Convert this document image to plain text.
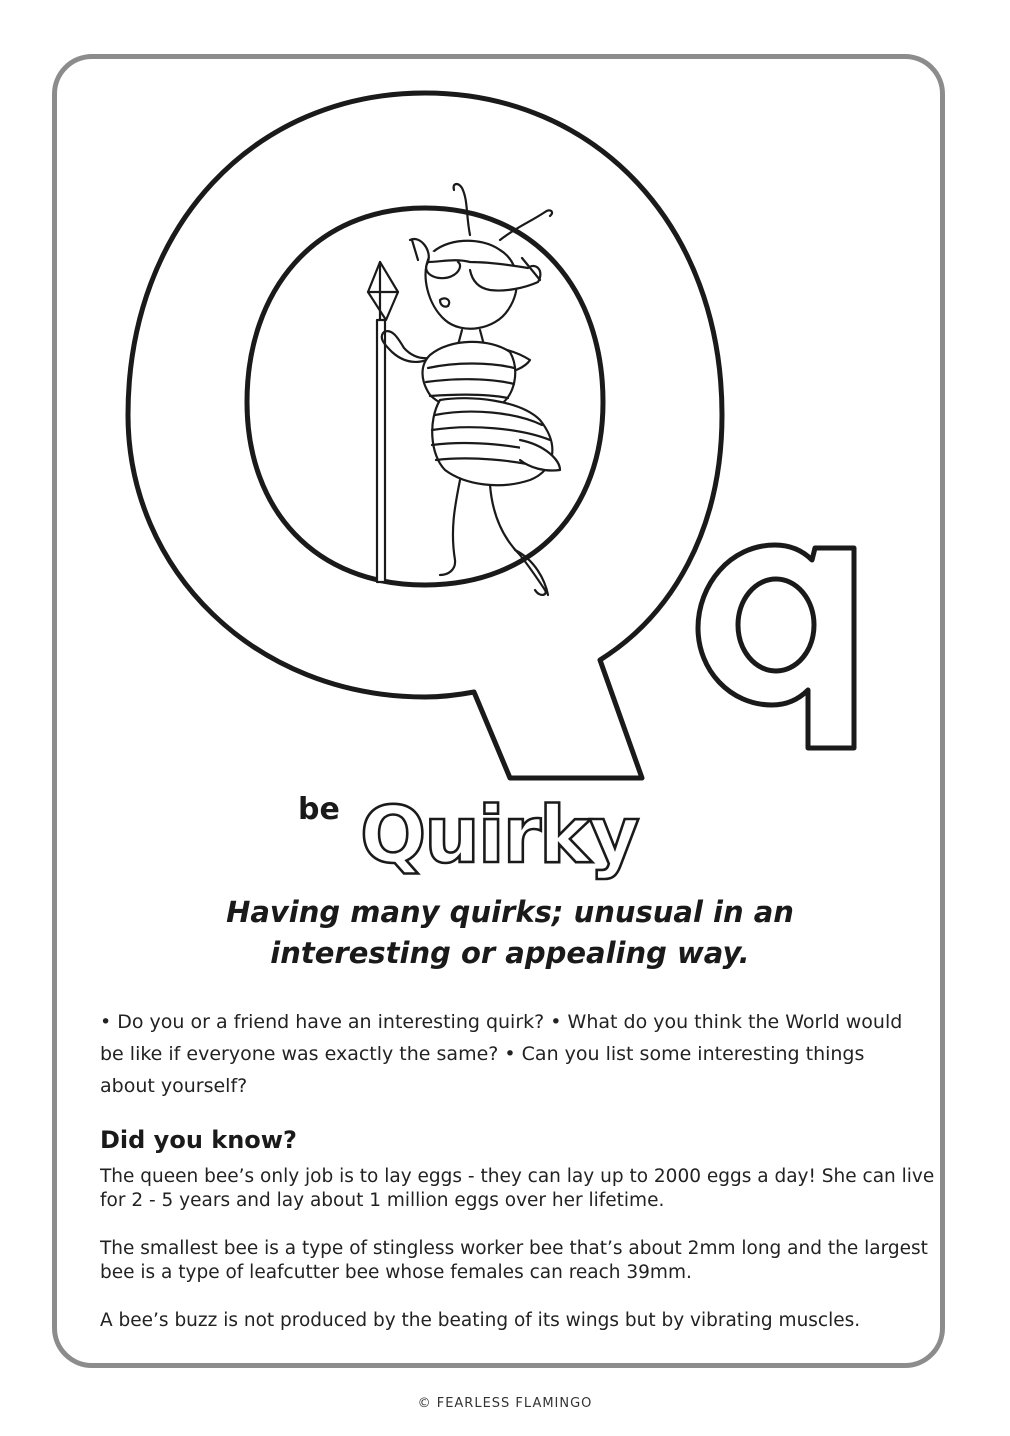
Quirky
be
Having many quirks; unusual in an
interesting or appealing way.
• Do you or a friend have an interesting quirk? • What do you think the World would be like if everyone was exactly the same? • Can you list some interesting things about yourself?
Did you know?

The queen bee’s only job is to lay eggs - they can lay up to 2000 eggs a day! She can live for 2 - 5 years and lay about 1 million eggs over her lifetime.

The smallest bee is a type of stingless worker bee that’s about 2mm long and the largest bee is a type of leafcutter bee whose females can reach 39mm.

A bee’s buzz is not produced by the beating of its wings but by vibrating muscles.

© FEARLESS FLAMINGO
